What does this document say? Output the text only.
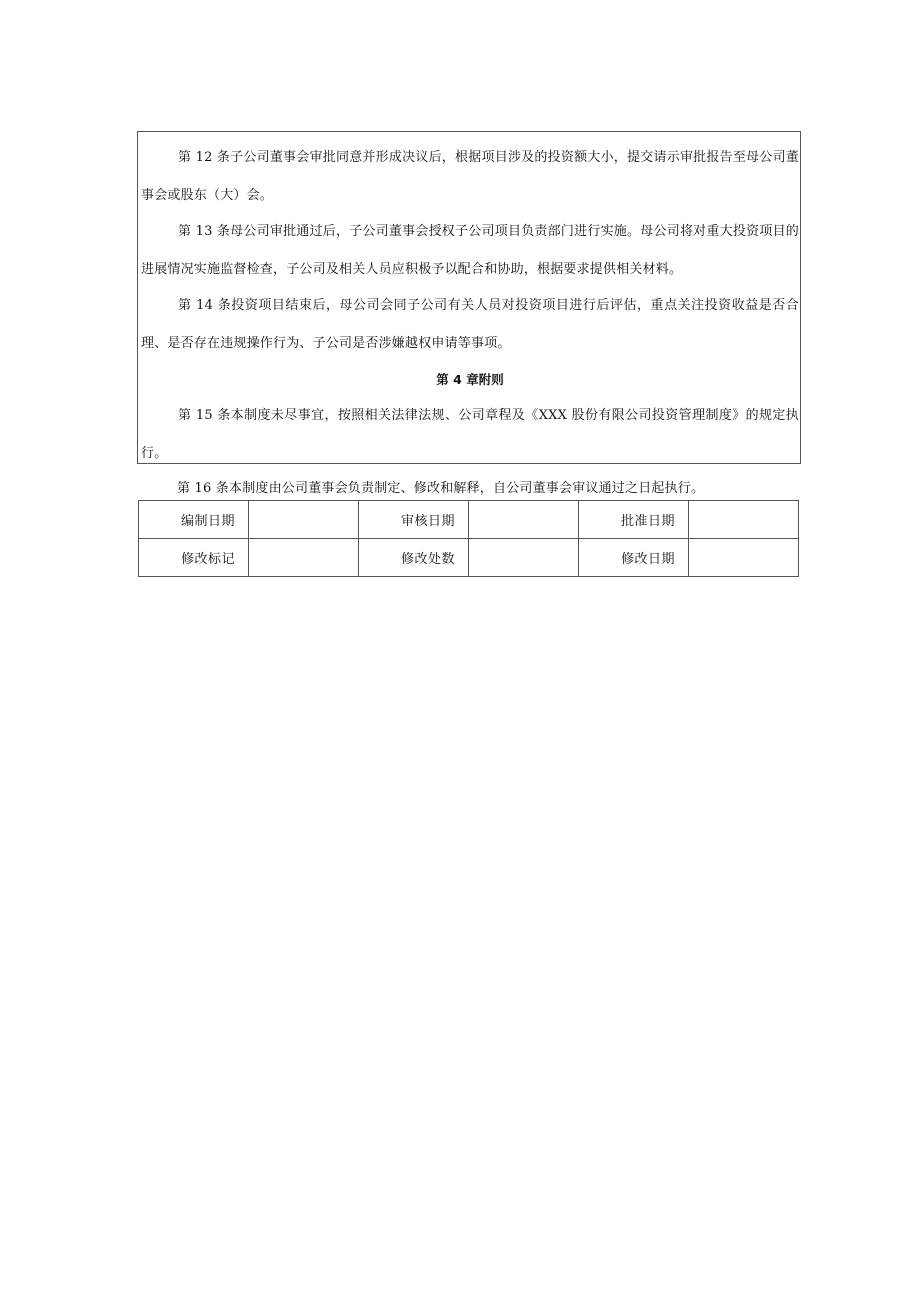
第 12 条子公司董事会审批同意并形成决议后，根据项目涉及的投资额大小，提交请示审批报告至母公司董事会或股东（大）会。

第 13 条母公司审批通过后，子公司董事会授权子公司项目负责部门进行实施。母公司将对重大投资项目的进展情况实施监督检查，子公司及相关人员应积极予以配合和协助，根据要求提供相关材料。

第 14 条投资项目结束后，母公司会同子公司有关人员对投资项目进行后评估，重点关注投资收益是否合理、是否存在违规操作行为、子公司是否涉嫌越权申请等事项。

第 4 章附则

第 15 条本制度未尽事宜，按照相关法律法规、公司章程及《XXX 股份有限公司投资管理制度》的规定执行。

第 16 条本制度由公司董事会负责制定、修改和解释，自公司董事会审议通过之日起执行。

编制日期		审核日期		批准日期	
修改标记		修改处数		修改日期	
